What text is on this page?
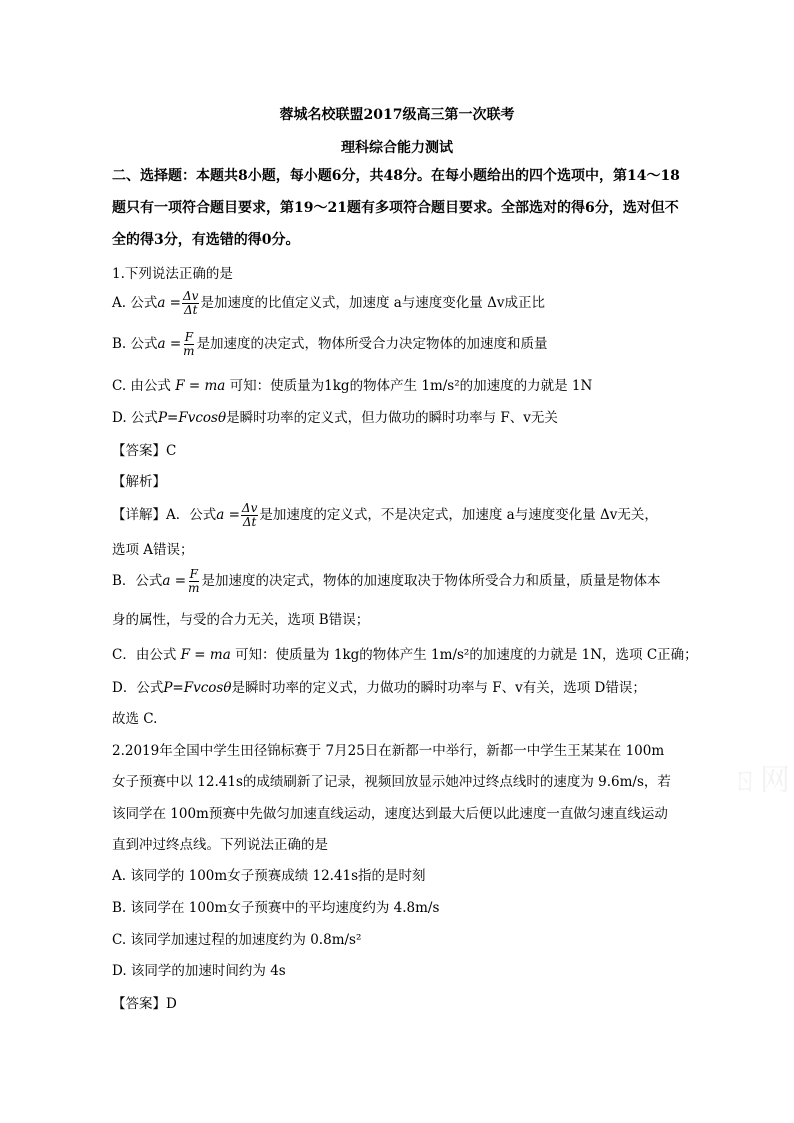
蓉城名校联盟2017级高三第一次联考
理科综合能力测试
二、选择题：本题共8小题，每小题6分，共48分。在每小题给出的四个选项中，第14～18题只有一项符合题目要求，第19～21题有多项符合题目要求。全部选对的得6分，选对但不全的得3分，有选错的得0分。
1.下列说法正确的是
A. 公式$a = \frac{\Delta v}{\Delta t}$ 是加速度的比值定义式，加速度 a与速度变化量 Δv成正比
B. 公式$a = \frac{F}{m}$ 是加速度的决定式，物体所受合力决定物体的加速度和质量
C. 由公式 F = ma 可知：使质量为1kg的物体产生 1m/s²的加速度的力就是 1N
D. 公式P=Fvcosθ是瞬时功率的定义式，但力做功的瞬时功率与 F、v无关
【答案】C
【解析】
【详解】A．公式$a = \frac{\Delta v}{\Delta t}$ 是加速度的定义式，不是决定式，加速度 a与速度变化量 Δv无关，
选项 A错误；
B．公式$a = \frac{F}{m}$ 是加速度的决定式，物体的加速度取决于物体所受合力和质量，质量是物体本
身的属性，与受的合力无关，选项 B错误；
C．由公式 F = ma 可知：使质量为 1kg的物体产生 1m/s²的加速度的力就是 1N，选项 C正确；
D．公式P=Fvcosθ是瞬时功率的定义式，力做功的瞬时功率与 F、v有关，选项 D错误；
故选 C.
2.2019年全国中学生田径锦标赛于 7月25日在新都一中举行，新都一中学生王某某在 100m
女子预赛中以 12.41s的成绩刷新了记录，视频回放显示她冲过终点线时的速度为 9.6m/s，若
该同学在 100m预赛中先做匀加速直线运动，速度达到最大后便以此速度一直做匀速直线运动
直到冲过终点线。下列说法正确的是
A. 该同学的 100m女子预赛成绩 12.41s指的是时刻
B. 该同学在 100m女子预赛中的平均速度约为 4.8m/s
C. 该同学加速过程的加速度约为 0.8m/s²
D. 该同学的加速时间约为 4s
【答案】D
ㄖ网
